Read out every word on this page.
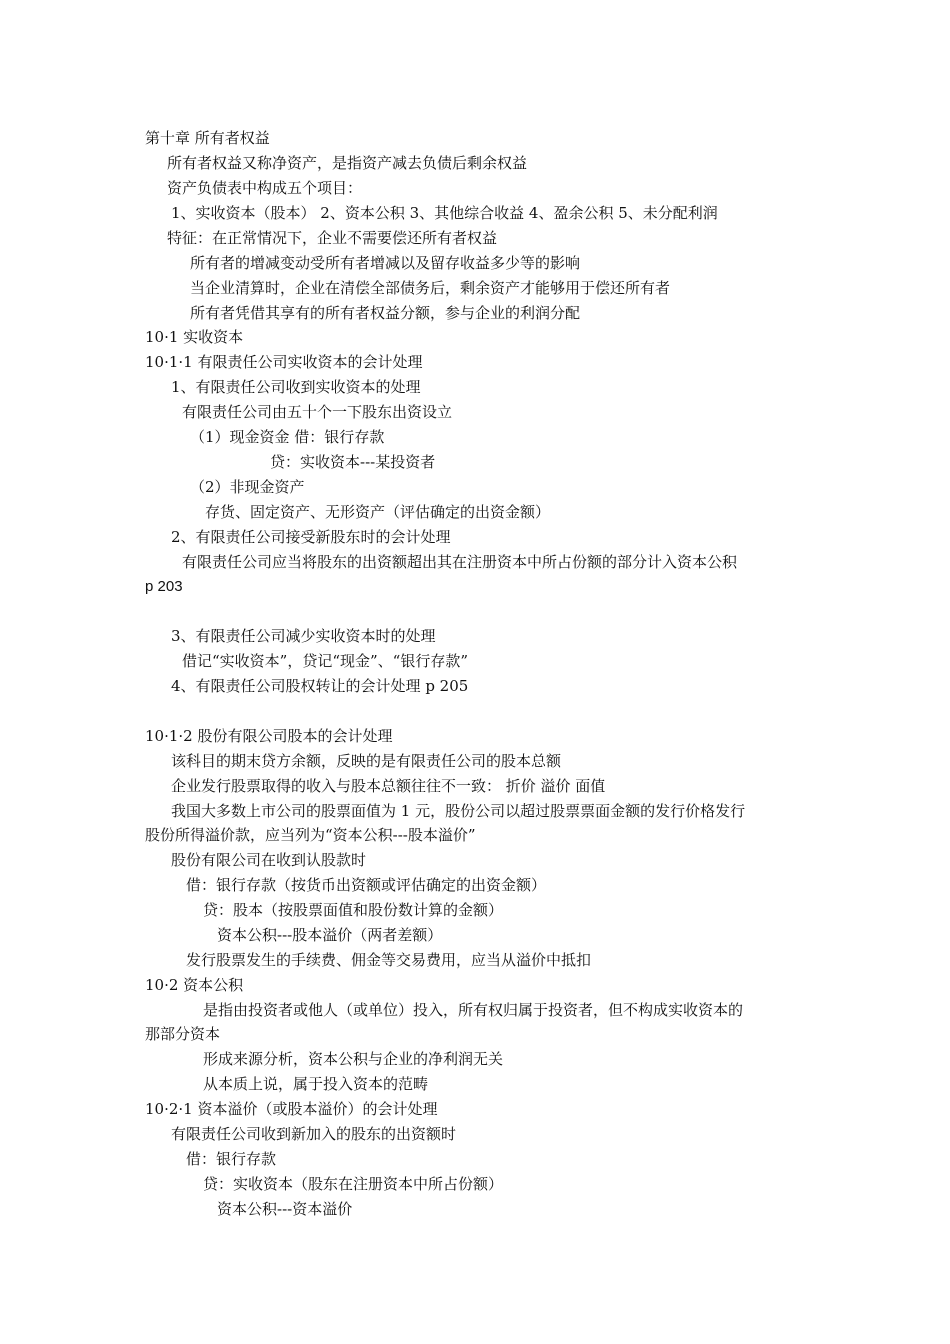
第十章 所有者权益
所有者权益又称净资产，是指资产减去负债后剩余权益
资产负债表中构成五个项目：
1、实收资本（股本） 2、资本公积 3、其他综合收益 4、盈余公积 5、未分配利润
特征：在正常情况下，企业不需要偿还所有者权益
所有者的增减变动受所有者增减以及留存收益多少等的影响
当企业清算时，企业在清偿全部债务后，剩余资产才能够用于偿还所有者
所有者凭借其享有的所有者权益分额，参与企业的利润分配
10·1 实收资本
10·1·1 有限责任公司实收资本的会计处理
1、有限责任公司收到实收资本的处理
有限责任公司由五十个一下股东出资设立
（1）现金资金 借：银行存款
贷：实收资本---某投资者
（2）非现金资产
存货、固定资产、无形资产（评估确定的出资金额）
2、有限责任公司接受新股东时的会计处理
有限责任公司应当将股东的出资额超出其在注册资本中所占份额的部分计入资本公积
p 203
3、有限责任公司减少实收资本时的处理
借记“实收资本”，贷记“现金”、“银行存款”
4、有限责任公司股权转让的会计处理 p 205
10·1·2 股份有限公司股本的会计处理
该科目的期末贷方余额，反映的是有限责任公司的股本总额
企业发行股票取得的收入与股本总额往往不一致： 折价 溢价 面值
我国大多数上市公司的股票面值为 1 元，股份公司以超过股票票面金额的发行价格发行
股份所得溢价款，应当列为“资本公积---股本溢价”
股份有限公司在收到认股款时
借：银行存款（按货币出资额或评估确定的出资金额）
贷：股本（按股票面值和股份数计算的金额）
资本公积---股本溢价（两者差额）
发行股票发生的手续费、佣金等交易费用，应当从溢价中抵扣
10·2 资本公积
是指由投资者或他人（或单位）投入，所有权归属于投资者，但不构成实收资本的
那部分资本
形成来源分析，资本公积与企业的净利润无关
从本质上说，属于投入资本的范畴
10·2·1 资本溢价（或股本溢价）的会计处理
有限责任公司收到新加入的股东的出资额时
借：银行存款
贷：实收资本（股东在注册资本中所占份额）
资本公积---资本溢价
